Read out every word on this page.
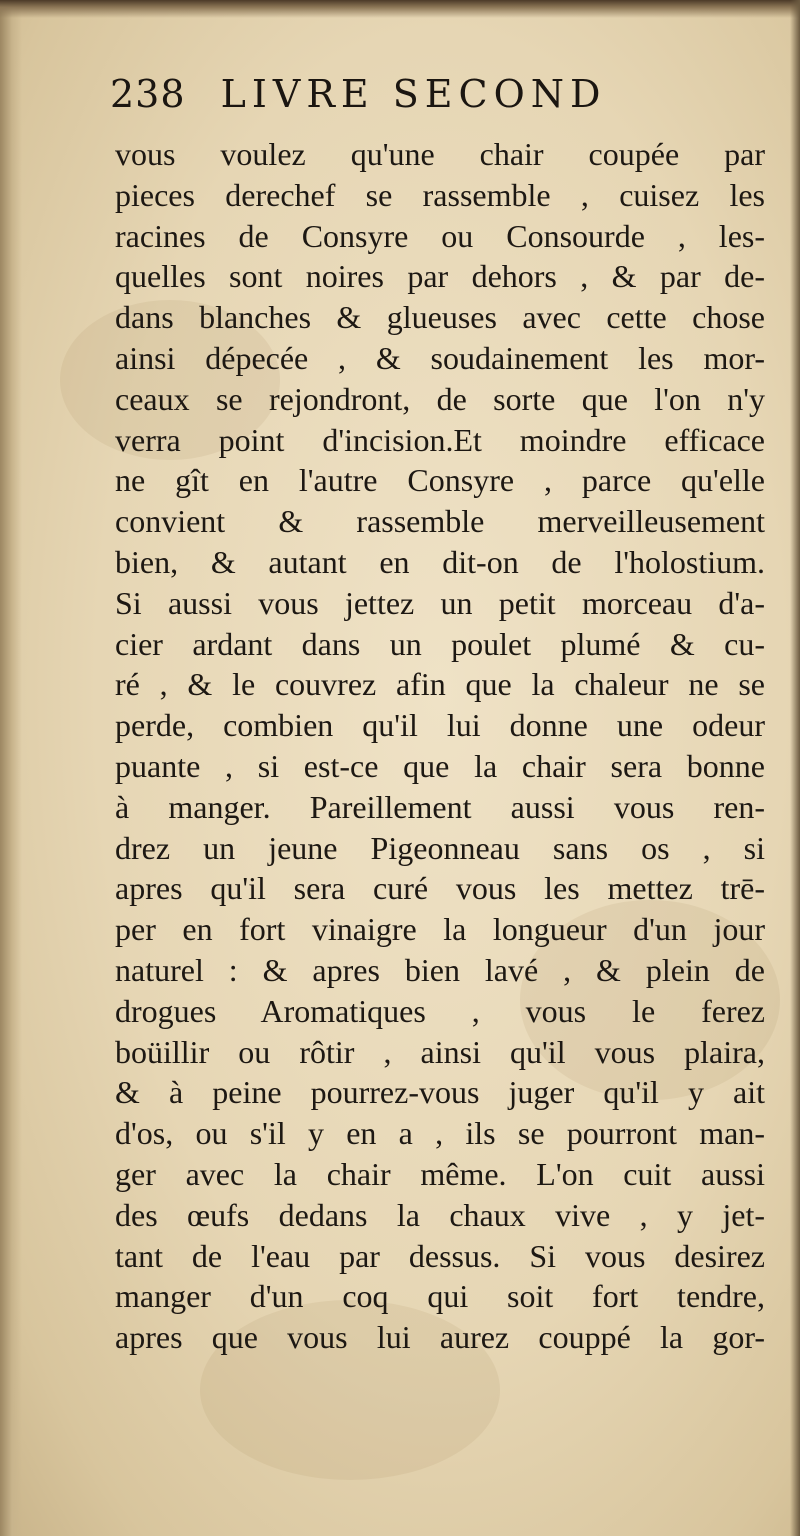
238 LIVRE SECOND
vous voulez qu'une chair coupée par
pieces derechef se rassemble , cuisez les
racines de Consyre ou Consourde , les-
quelles sont noires par dehors , & par de-
dans blanches & glueuses avec cette chose
ainsi dépecée , & soudainement les mor-
ceaux se rejondront, de sorte que l'on n'y
verra point d'incision.Et moindre efficace
ne gît en l'autre Consyre , parce qu'elle
convient & rassemble merveilleusement
bien, & autant en dit-on de l'holostium.
Si aussi vous jettez un petit morceau d'a-
cier ardant dans un poulet plumé & cu-
ré , & le couvrez afin que la chaleur ne se
perde, combien qu'il lui donne une odeur
puante , si est-ce que la chair sera bonne
à manger. Pareillement aussi vous ren-
drez un jeune Pigeonneau sans os , si
apres qu'il sera curé vous les mettez trē-
per en fort vinaigre la longueur d'un jour
naturel : & apres bien lavé , & plein de
drogues Aromatiques , vous le ferez
boüillir ou rôtir , ainsi qu'il vous plaira,
& à peine pourrez-vous juger qu'il y ait
d'os, ou s'il y en a , ils se pourront man-
ger avec la chair même. L'on cuit aussi
des œufs dedans la chaux vive , y jet-
tant de l'eau par dessus. Si vous desirez
manger d'un coq qui soit fort tendre,
apres que vous lui aurez couppé la gor-
